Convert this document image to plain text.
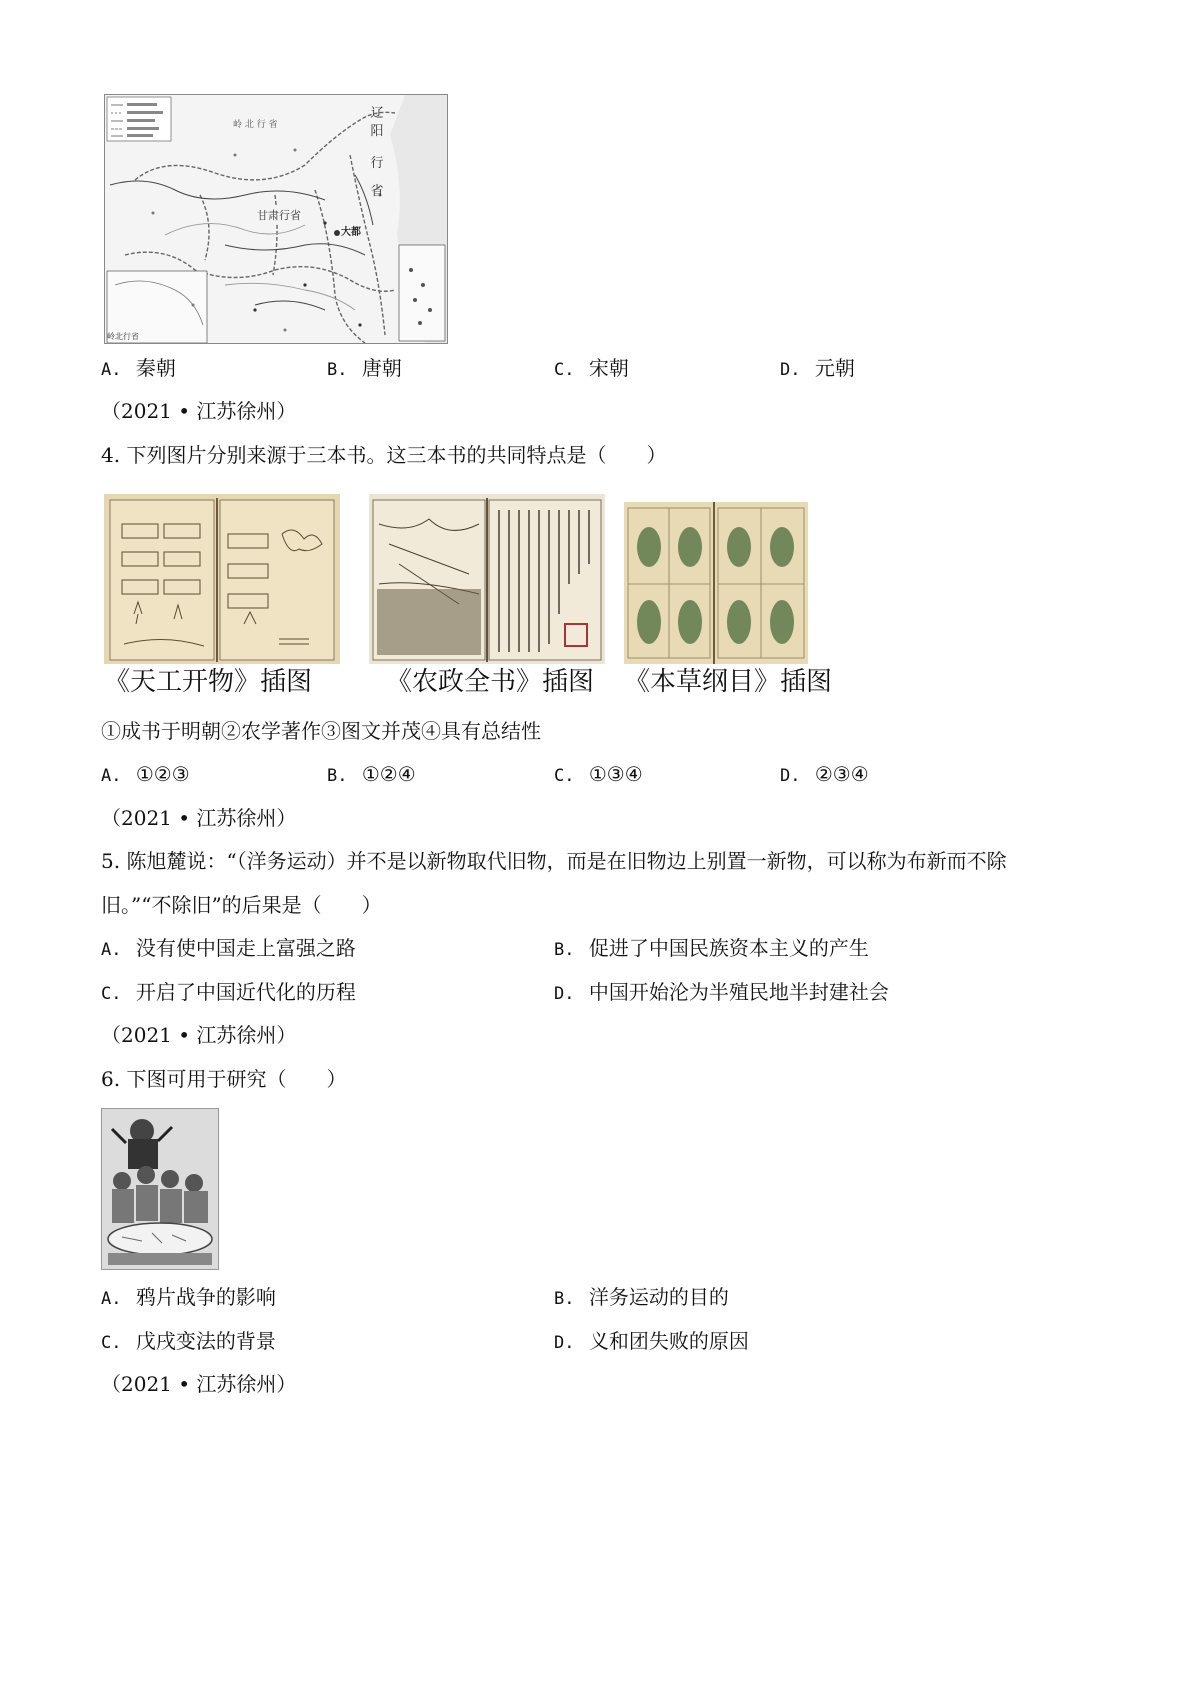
辽
阳
行
省
甘肃行省
大都
岭 北 行 省
岭北行省
A. 秦朝	B. 唐朝	C. 宋朝	D. 元朝
（2021 • 江苏徐州）
4. 下列图片分别来源于三本书。这三本书的共同特点是（　　）
《天工开物》插图	《农政全书》插图 《本草纲目》插图
①成书于明朝②农学著作③图文并茂④具有总结性
A. ①②③	B. ①②④	C. ①③④	D. ②③④
（2021 • 江苏徐州）
5. 陈旭麓说：“（洋务运动）并不是以新物取代旧物，而是在旧物边上别置一新物，可以称为布新而不除
旧。”“不除旧”的后果是（　　）
A. 没有使中国走上富强之路	B. 促进了中国民族资本主义的产生
C. 开启了中国近代化的历程	D. 中国开始沦为半殖民地半封建社会
（2021 • 江苏徐州）
6. 下图可用于研究（　　）
A. 鸦片战争的影响	B. 洋务运动的目的
C. 戊戌变法的背景	D. 义和团失败的原因
（2021 • 江苏徐州）
